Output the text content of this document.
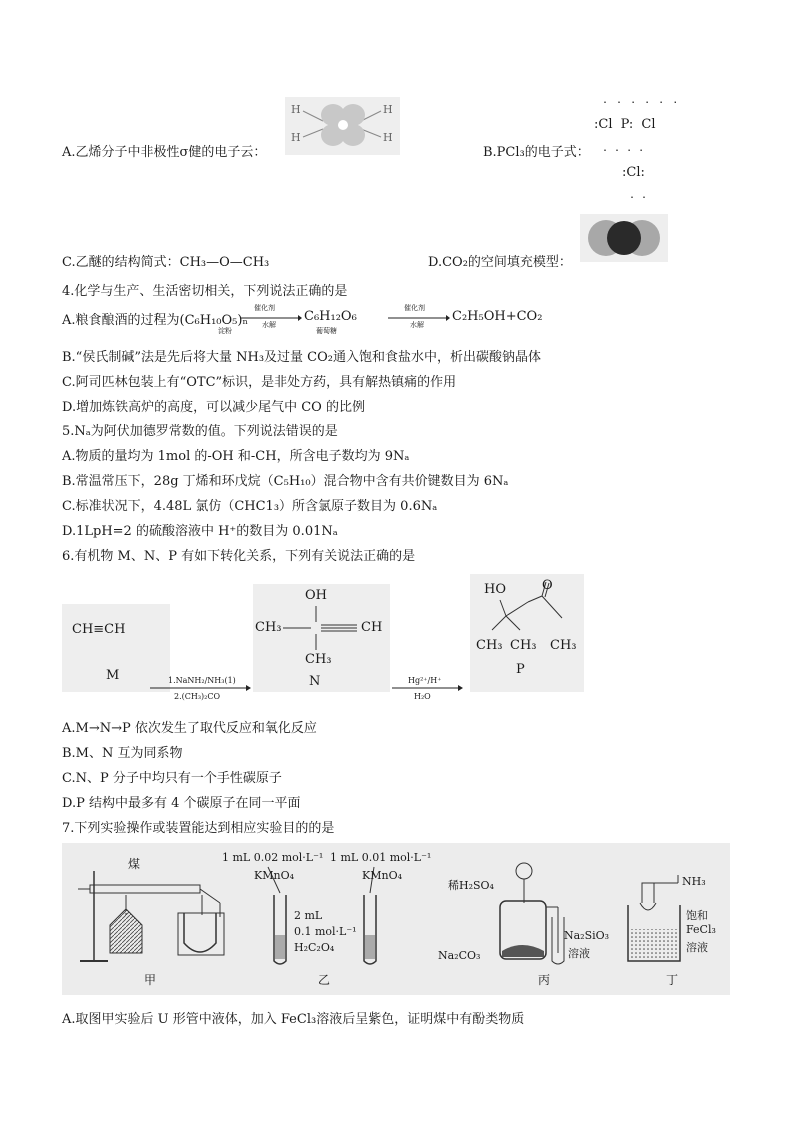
H
H
H
H
A.乙烯分子中非极性σ健的电子云：	B.PCl₃的电子式：
. . . . . .
:Cl P: Cl
. . . .
:Cl:
. .
C.乙醚的结构简式：CH₃—O—CH₃	D.CO₂的空间填充模型：
4.化学与生产、生活密切相关，下列说法正确的是
A.粮食酿酒的过程为(C₆H₁₀O₅)ₙ
催化剂
水解
淀粉
C₆H₁₂O₆
葡萄糖
催化剂
水解
C₂H₅OH+CO₂
B.“侯氏制碱”法是先后将大量 NH₃及过量 CO₂通入饱和食盐水中，析出碳酸钠晶体
C.阿司匹林包装上有“OTC”标识，是非处方药，具有解热镇痛的作用
D.增加炼铁高炉的高度，可以减少尾气中 CO 的比例
5.Nₐ为阿伏加德罗常数的值。下列说法错误的是
A.物质的量均为 1mol 的-OH 和-CH，所含电子数均为 9Nₐ
B.常温常压下，28g 丁烯和环戊烷（C₅H₁₀）混合物中含有共价键数目为 6Nₐ
C.标准状况下，4.48L 氯仿（CHC1₃）所含氯原子数目为 0.6Nₐ
D.1LpH=2 的硫酸溶液中 H⁺的数目为 0.01Nₐ
6.有机物 M、N、P 有如下转化关系，下列有关说法正确的是
CH≡CH
M	1.NaNH₂/NH₃(1)
2.(CH₃)₂CO
OH
CH₃	CH
CH₃
N	Hg²⁺/H⁺
H₂O
HO	O
CH₃ CH₃ CH₃
P
A.M→N→P 依次发生了取代反应和氧化反应
B.M、N 互为同系物
C.N、P 分子中均只有一个手性碳原子
D.P 结构中最多有 4 个碳原子在同一平面
7.下列实验操作或装置能达到相应实验目的的是
煤
甲
1 mL 0.02 mol·L⁻¹ 1 mL 0.01 mol·L⁻¹
KMnO₄	KMnO₄
2 mL
0.1 mol·L⁻¹
H₂C₂O₄
乙
稀H₂SO₄
Na₂CO₃
Na₂SiO₃
溶液
丙
NH₃
饱和
FeCl₃
溶液
丁
A.取图甲实验后 U 形管中液体，加入 FeCl₃溶液后呈紫色，证明煤中有酚类物质
